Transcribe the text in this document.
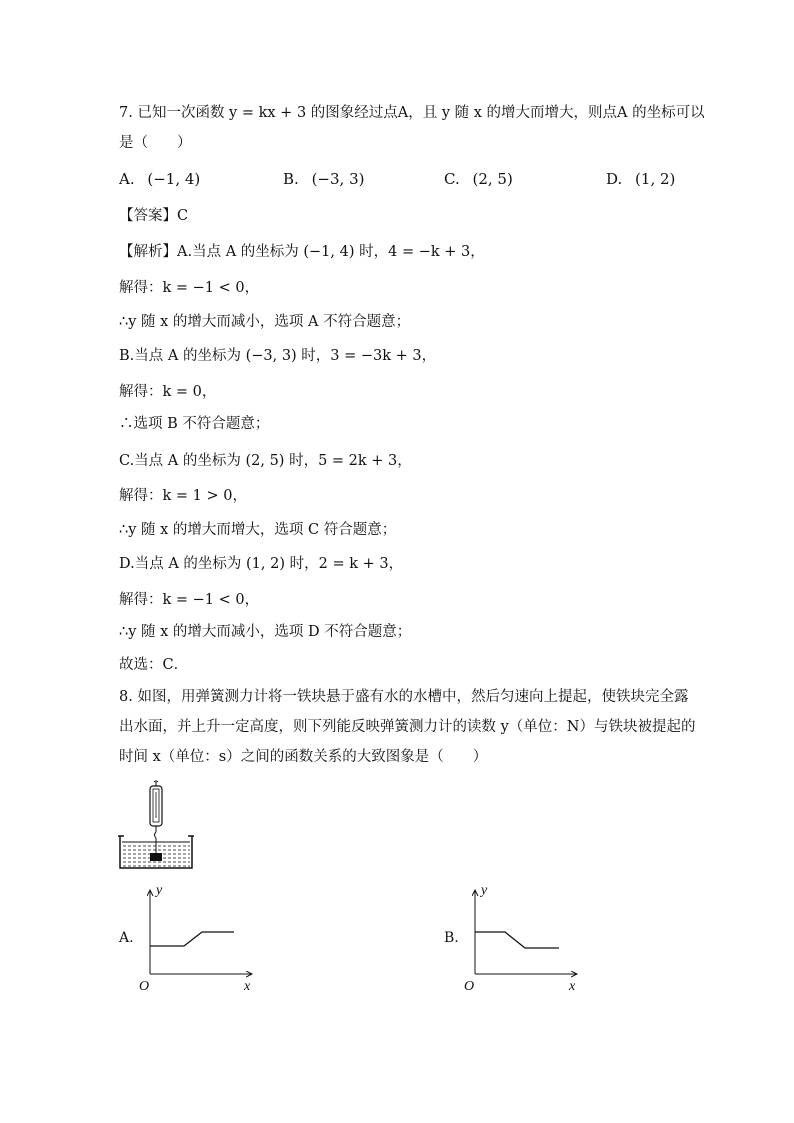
7. 已知一次函数 y = kx + 3 的图象经过点A，且 y 随 x 的增大而增大，则点A 的坐标可以
是（　　）
A. (−1, 4)	B. (−3, 3)	C. (2, 5)	D. (1, 2)
【答案】C
【解析】A.当点 A 的坐标为 (−1, 4) 时，4 = −k + 3，
解得：k = −1 < 0，
∴y 随 x 的增大而减小，选项 A 不符合题意；
B.当点 A 的坐标为 (−3, 3) 时，3 = −3k + 3，
解得：k = 0，
∴选项 B 不符合题意；
C.当点 A 的坐标为 (2, 5) 时，5 = 2k + 3，
解得：k = 1 > 0，
∴y 随 x 的增大而增大，选项 C 符合题意；
D.当点 A 的坐标为 (1, 2) 时，2 = k + 3，
解得：k = −1 < 0，
∴y 随 x 的增大而减小，选项 D 不符合题意；
故选：C．
8. 如图，用弹簧测力计将一铁块悬于盛有水的水槽中，然后匀速向上提起，使铁块完全露
出水面，并上升一定高度，则下列能反映弹簧测力计的读数 y（单位：N）与铁块被提起的
时间 x（单位：s）之间的函数关系的大致图象是（　　）
A.
y
x
O
B.
y
x
O
